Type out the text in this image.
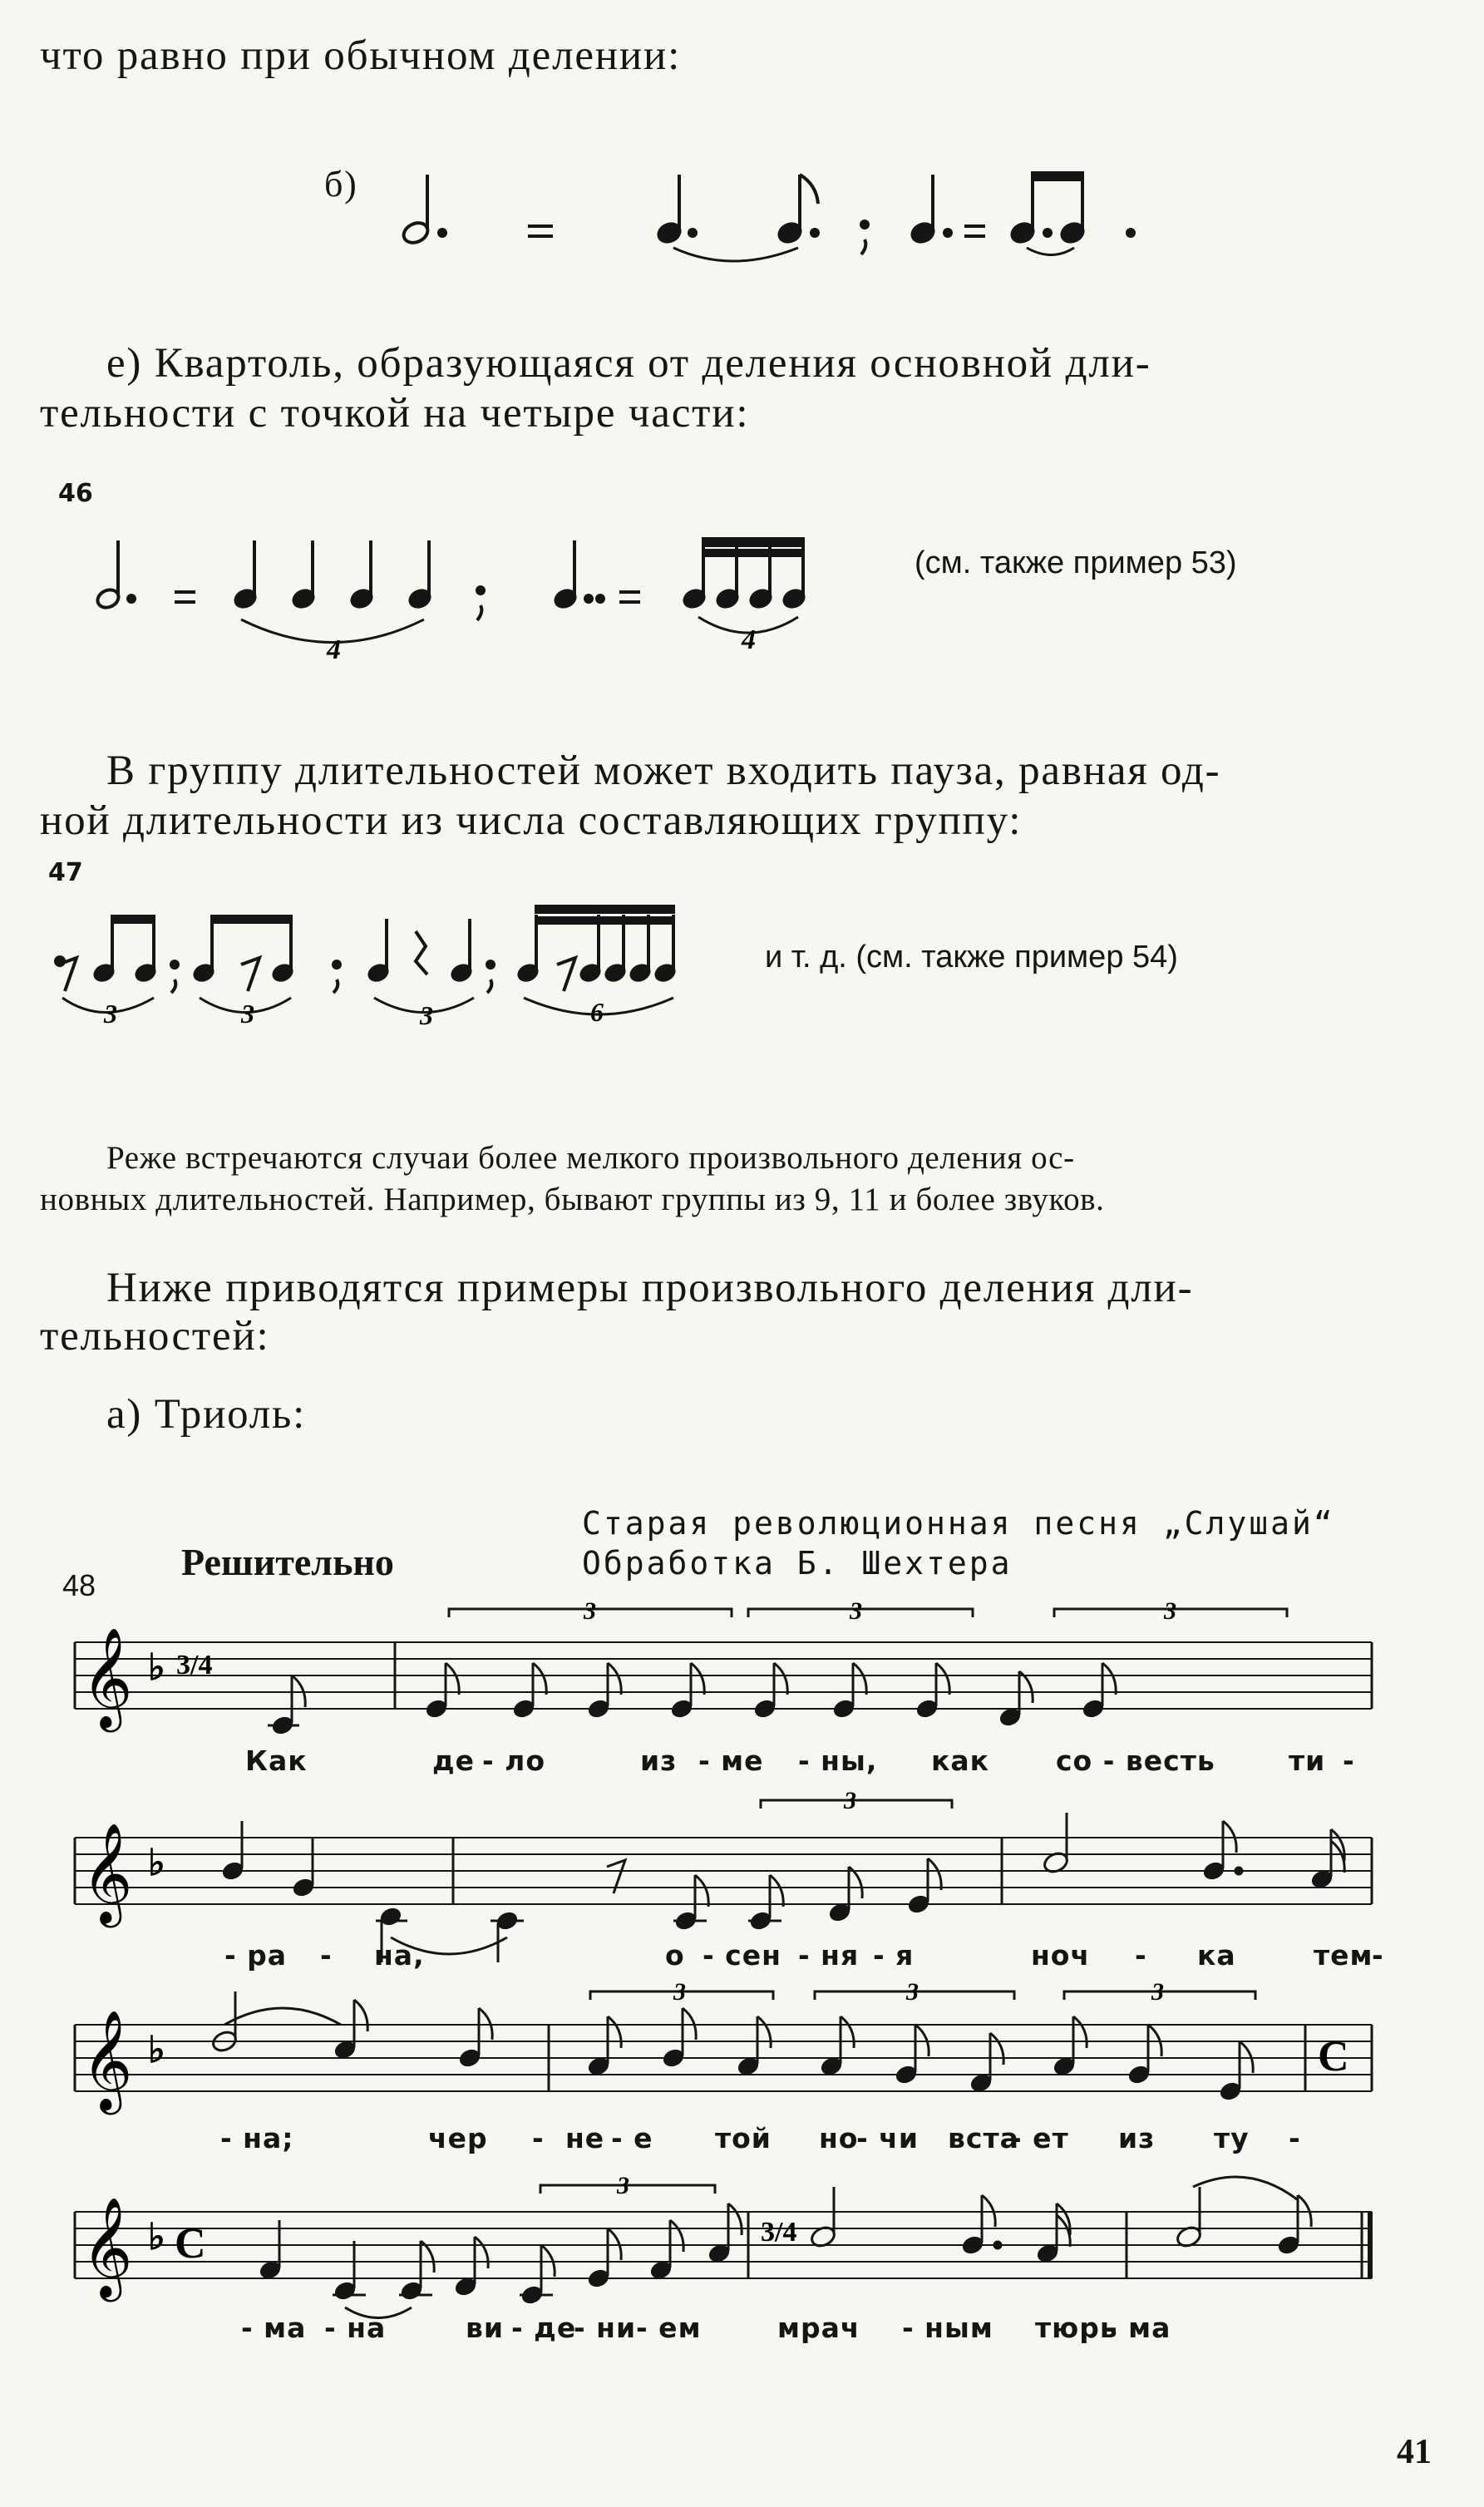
что равно при обычном делении:
б)
е) Квартоль, образующаяся от деления основной дли-
тельности с точкой на четыре части:
46
4	4
(см. также пример 53)
В группу длительностей может входить пауза, равная од-
ной длительности из числа составляющих группу:
47
3	3	3	6
и т. д. (см. также пример 54)
Реже встречаются случаи более мелкого произвольного деления ос-
новных длительностей. Например, бывают группы из 9, 11 и более звуков.
Ниже приводятся примеры произвольного деления дли-
тельностей:
а) Триоль:
Старая революционная песня „Слушай“
Обработка Б. Шехтера
Решительно
48
𝄞 ♭ 3/4
3	3	3
Как	де - ло	из - ме - ны, как со - весть	ти -
𝄞 ♭
3
- ра - на,	о - сен - ня - я	ноч - ка	тем
-
𝄞 ♭	C
3	3	3
- на;	чер - не - е той но
- чи вста
- ет из ту -
𝄞 ♭ C	3/4
3
- ма - на	ви - де
- ни - ем	мрач - ным тюрь
- ма
41
